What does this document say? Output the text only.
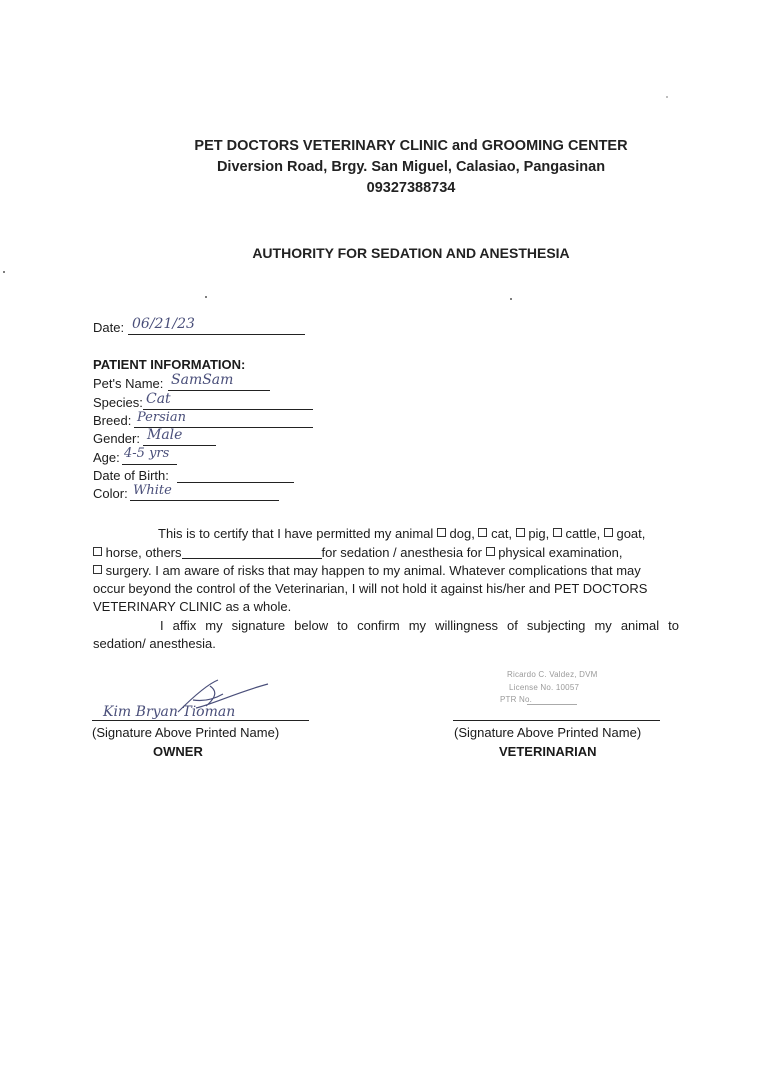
PET DOCTORS VETERINARY CLINIC and GROOMING CENTER
Diversion Road, Brgy. San Miguel, Calasiao, Pangasinan
09327388734
AUTHORITY FOR SEDATION AND ANESTHESIA
Date: 06/21/23
PATIENT INFORMATION:
Pet's Name: SamSam
Species: Cat
Breed: Persian
Gender: Male
Age: 4-5 yrs
Date of Birth:
Color: White
This is to certify that I have permitted my animal dog, cat, pig, cattle, goat,
horse, others	for sedation / anesthesia for physical examination,
surgery. I am aware of risks that may happen to my animal. Whatever complications that may
occur beyond the control of the Veterinarian, I will not hold it against his/her and PET DOCTORS
VETERINARY CLINIC as a whole.
I affix my signature below to confirm my willingness of subjecting my animal to
sedation/ anesthesia.
Kim Bryan Tioman
(Signature Above Printed Name)
OWNER
Ricardo C. Valdez, DVM
License No. 10057
PTR No.
(Signature Above Printed Name)
VETERINARIAN
